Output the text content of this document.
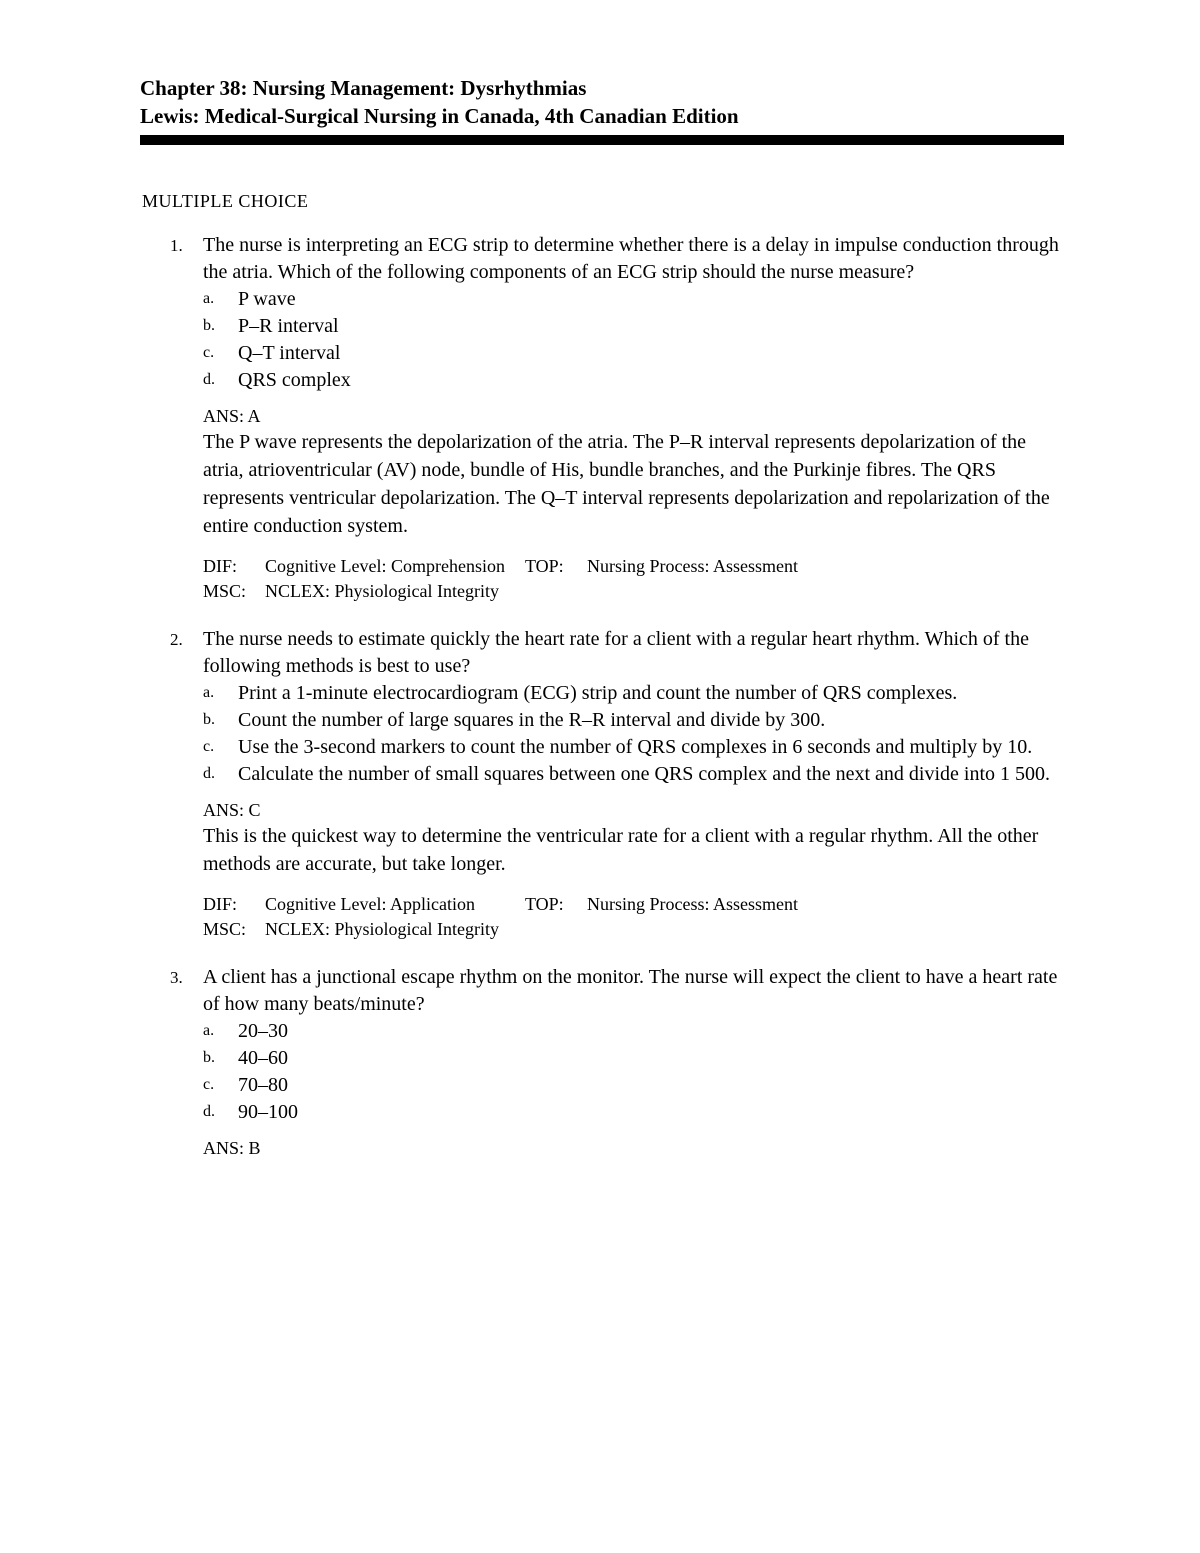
Chapter 38: Nursing Management: Dysrhythmias
Lewis: Medical-Surgical Nursing in Canada, 4th Canadian Edition
MULTIPLE CHOICE
1. The nurse is interpreting an ECG strip to determine whether there is a delay in impulse conduction through the atria. Which of the following components of an ECG strip should the nurse measure?
a. P wave
b. P–R interval
c. Q–T interval
d. QRS complex
ANS: A
The P wave represents the depolarization of the atria. The P–R interval represents depolarization of the atria, atrioventricular (AV) node, bundle of His, bundle branches, and the Purkinje fibres. The QRS represents ventricular depolarization. The Q–T interval represents depolarization and repolarization of the entire conduction system.
DIF:	Cognitive Level: Comprehension TOP:	Nursing Process: Assessment
MSC:	NCLEX: Physiological Integrity
2. The nurse needs to estimate quickly the heart rate for a client with a regular heart rhythm. Which of the following methods is best to use?
a. Print a 1-minute electrocardiogram (ECG) strip and count the number of QRS complexes.
b. Count the number of large squares in the R–R interval and divide by 300.
c. Use the 3-second markers to count the number of QRS complexes in 6 seconds and multiply by 10.
d. Calculate the number of small squares between one QRS complex and the next and divide into 1 500.
ANS: C
This is the quickest way to determine the ventricular rate for a client with a regular rhythm. All the other methods are accurate, but take longer.
DIF:	Cognitive Level: Application	TOP:	Nursing Process: Assessment
MSC:	NCLEX: Physiological Integrity
3. A client has a junctional escape rhythm on the monitor. The nurse will expect the client to have a heart rate of how many beats/minute?
a. 20–30
b. 40–60
c. 70–80
d. 90–100
ANS: B
